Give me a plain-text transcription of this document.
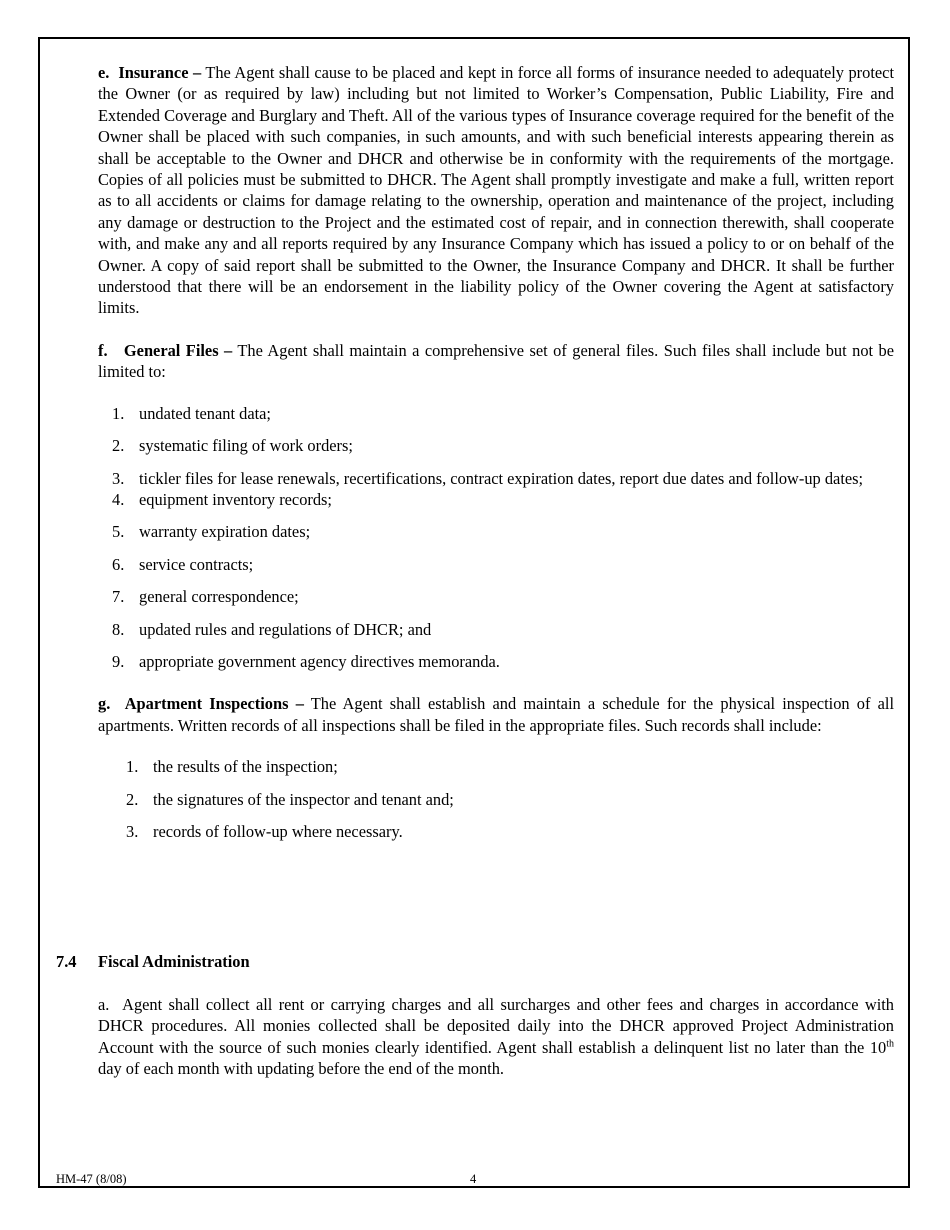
e. Insurance – The Agent shall cause to be placed and kept in force all forms of insurance needed to adequately protect the Owner (or as required by law) including but not limited to Worker’s Compensation, Public Liability, Fire and Extended Coverage and Burglary and Theft. All of the various types of Insurance coverage required for the benefit of the Owner shall be placed with such companies, in such amounts, and with such beneficial interests appearing therein as shall be acceptable to the Owner and DHCR and otherwise be in conformity with the requirements of the mortgage. Copies of all policies must be submitted to DHCR. The Agent shall promptly investigate and make a full, written report as to all accidents or claims for damage relating to the ownership, operation and maintenance of the project, including any damage or destruction to the Project and the estimated cost of repair, and in connection therewith, shall cooperate with, and make any and all reports required by any Insurance Company which has issued a policy to or on behalf of the Owner. A copy of said report shall be submitted to the Owner, the Insurance Company and DHCR. It shall be further understood that there will be an endorsement in the liability policy of the Owner covering the Agent at satisfactory limits.

f. General Files – The Agent shall maintain a comprehensive set of general files. Such files shall include but not be limited to:

1. undated tenant data;
2. systematic filing of work orders;
3. tickler files for lease renewals, recertifications, contract expiration dates, report due dates and follow-up dates;
4. equipment inventory records;
5. warranty expiration dates;
6. service contracts;
7. general correspondence;
8. updated rules and regulations of DHCR; and
9. appropriate government agency directives memoranda.

g. Apartment Inspections – The Agent shall establish and maintain a schedule for the physical inspection of all apartments. Written records of all inspections shall be filed in the appropriate files. Such records shall include:

1. the results of the inspection;
2. the signatures of the inspector and tenant and;
3. records of follow-up where necessary.
7.4 Fiscal Administration

a. Agent shall collect all rent or carrying charges and all surcharges and other fees and charges in accordance with DHCR procedures. All monies collected shall be deposited daily into the DHCR approved Project Administration Account with the source of such monies clearly identified. Agent shall establish a delinquent list no later than the 10th day of each month with updating before the end of the month.

HM-47 (8/08)	4
